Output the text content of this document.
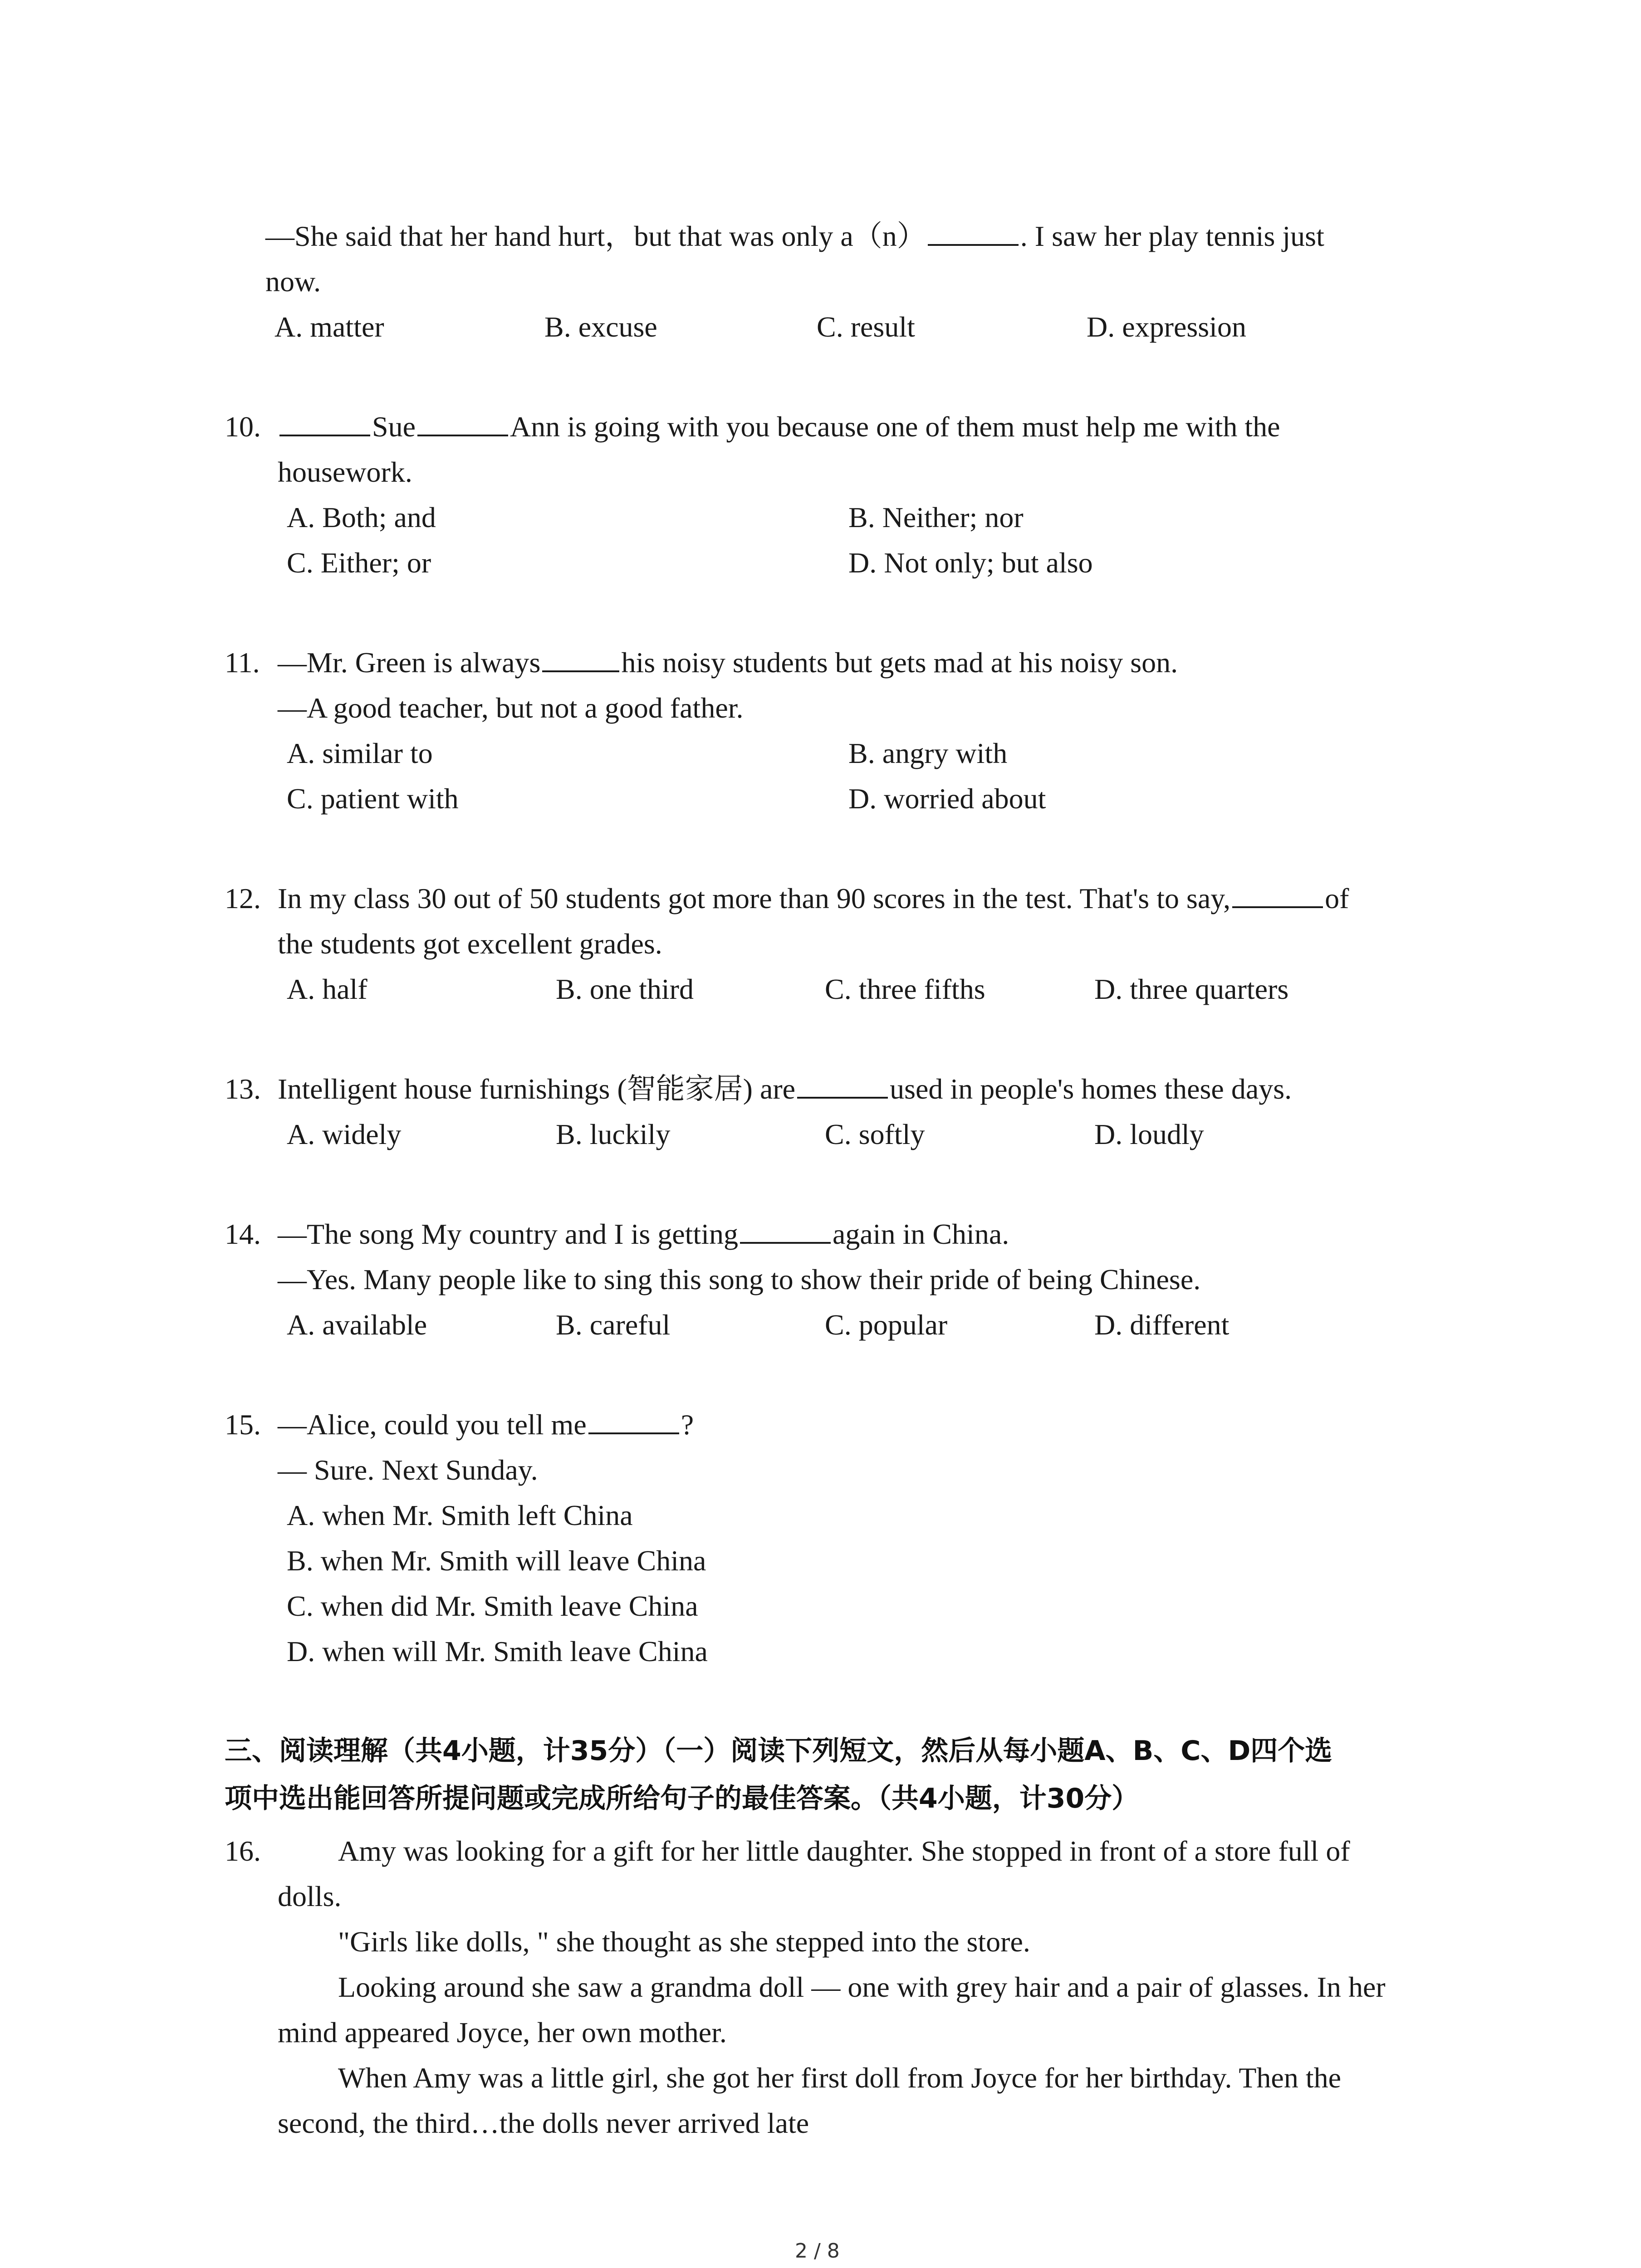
—She said that her hand hurt，but that was only a（n）	. I saw her play tennis just
now.
A. matter	B. excuse	C. result	D. expression
10.	Sue	Ann is going with you because one of them must help me with the
housework.
A. Both; and	B. Neither; nor
C. Either; or	D. Not only; but also
11. —Mr. Green is always	his noisy students but gets mad at his noisy son.
—A good teacher, but not a good father.
A. similar to	B. angry with
C. patient with	D. worried about
12. In my class 30 out of 50 students got more than 90 scores in the test. That's to say,	of
the students got excellent grades.
A. half	B. one third	C. three fifths	D. three quarters
13. Intelligent house furnishings (智能家居) are	used in people's homes these days.
A. widely	B. luckily	C. softly	D. loudly
14. —The song My country and I is getting	again in China.
—Yes. Many people like to sing this song to show their pride of being Chinese.
A. available	B. careful	C. popular	D. different
15. —Alice, could you tell me	?
— Sure. Next Sunday.
A. when Mr. Smith left China
B. when Mr. Smith will leave China
C. when did Mr. Smith leave China
D. when will Mr. Smith leave China
三、阅读理解（共4小题，计35分）（一）阅读下列短文，然后从每小题A、B、C、D四个选
项中选出能回答所提问题或完成所给句子的最佳答案。（共4小题，计30分）
16.	Amy was looking for a gift for her little daughter. She stopped in front of a store full of
dolls.
"Girls like dolls, " she thought as she stepped into the store.
Looking around she saw a grandma doll — one with grey hair and a pair of glasses. In her
mind appeared Joyce, her own mother.
When Amy was a little girl, she got her first doll from Joyce for her birthday. Then the
second, the third…the dolls never arrived late
2 / 8
